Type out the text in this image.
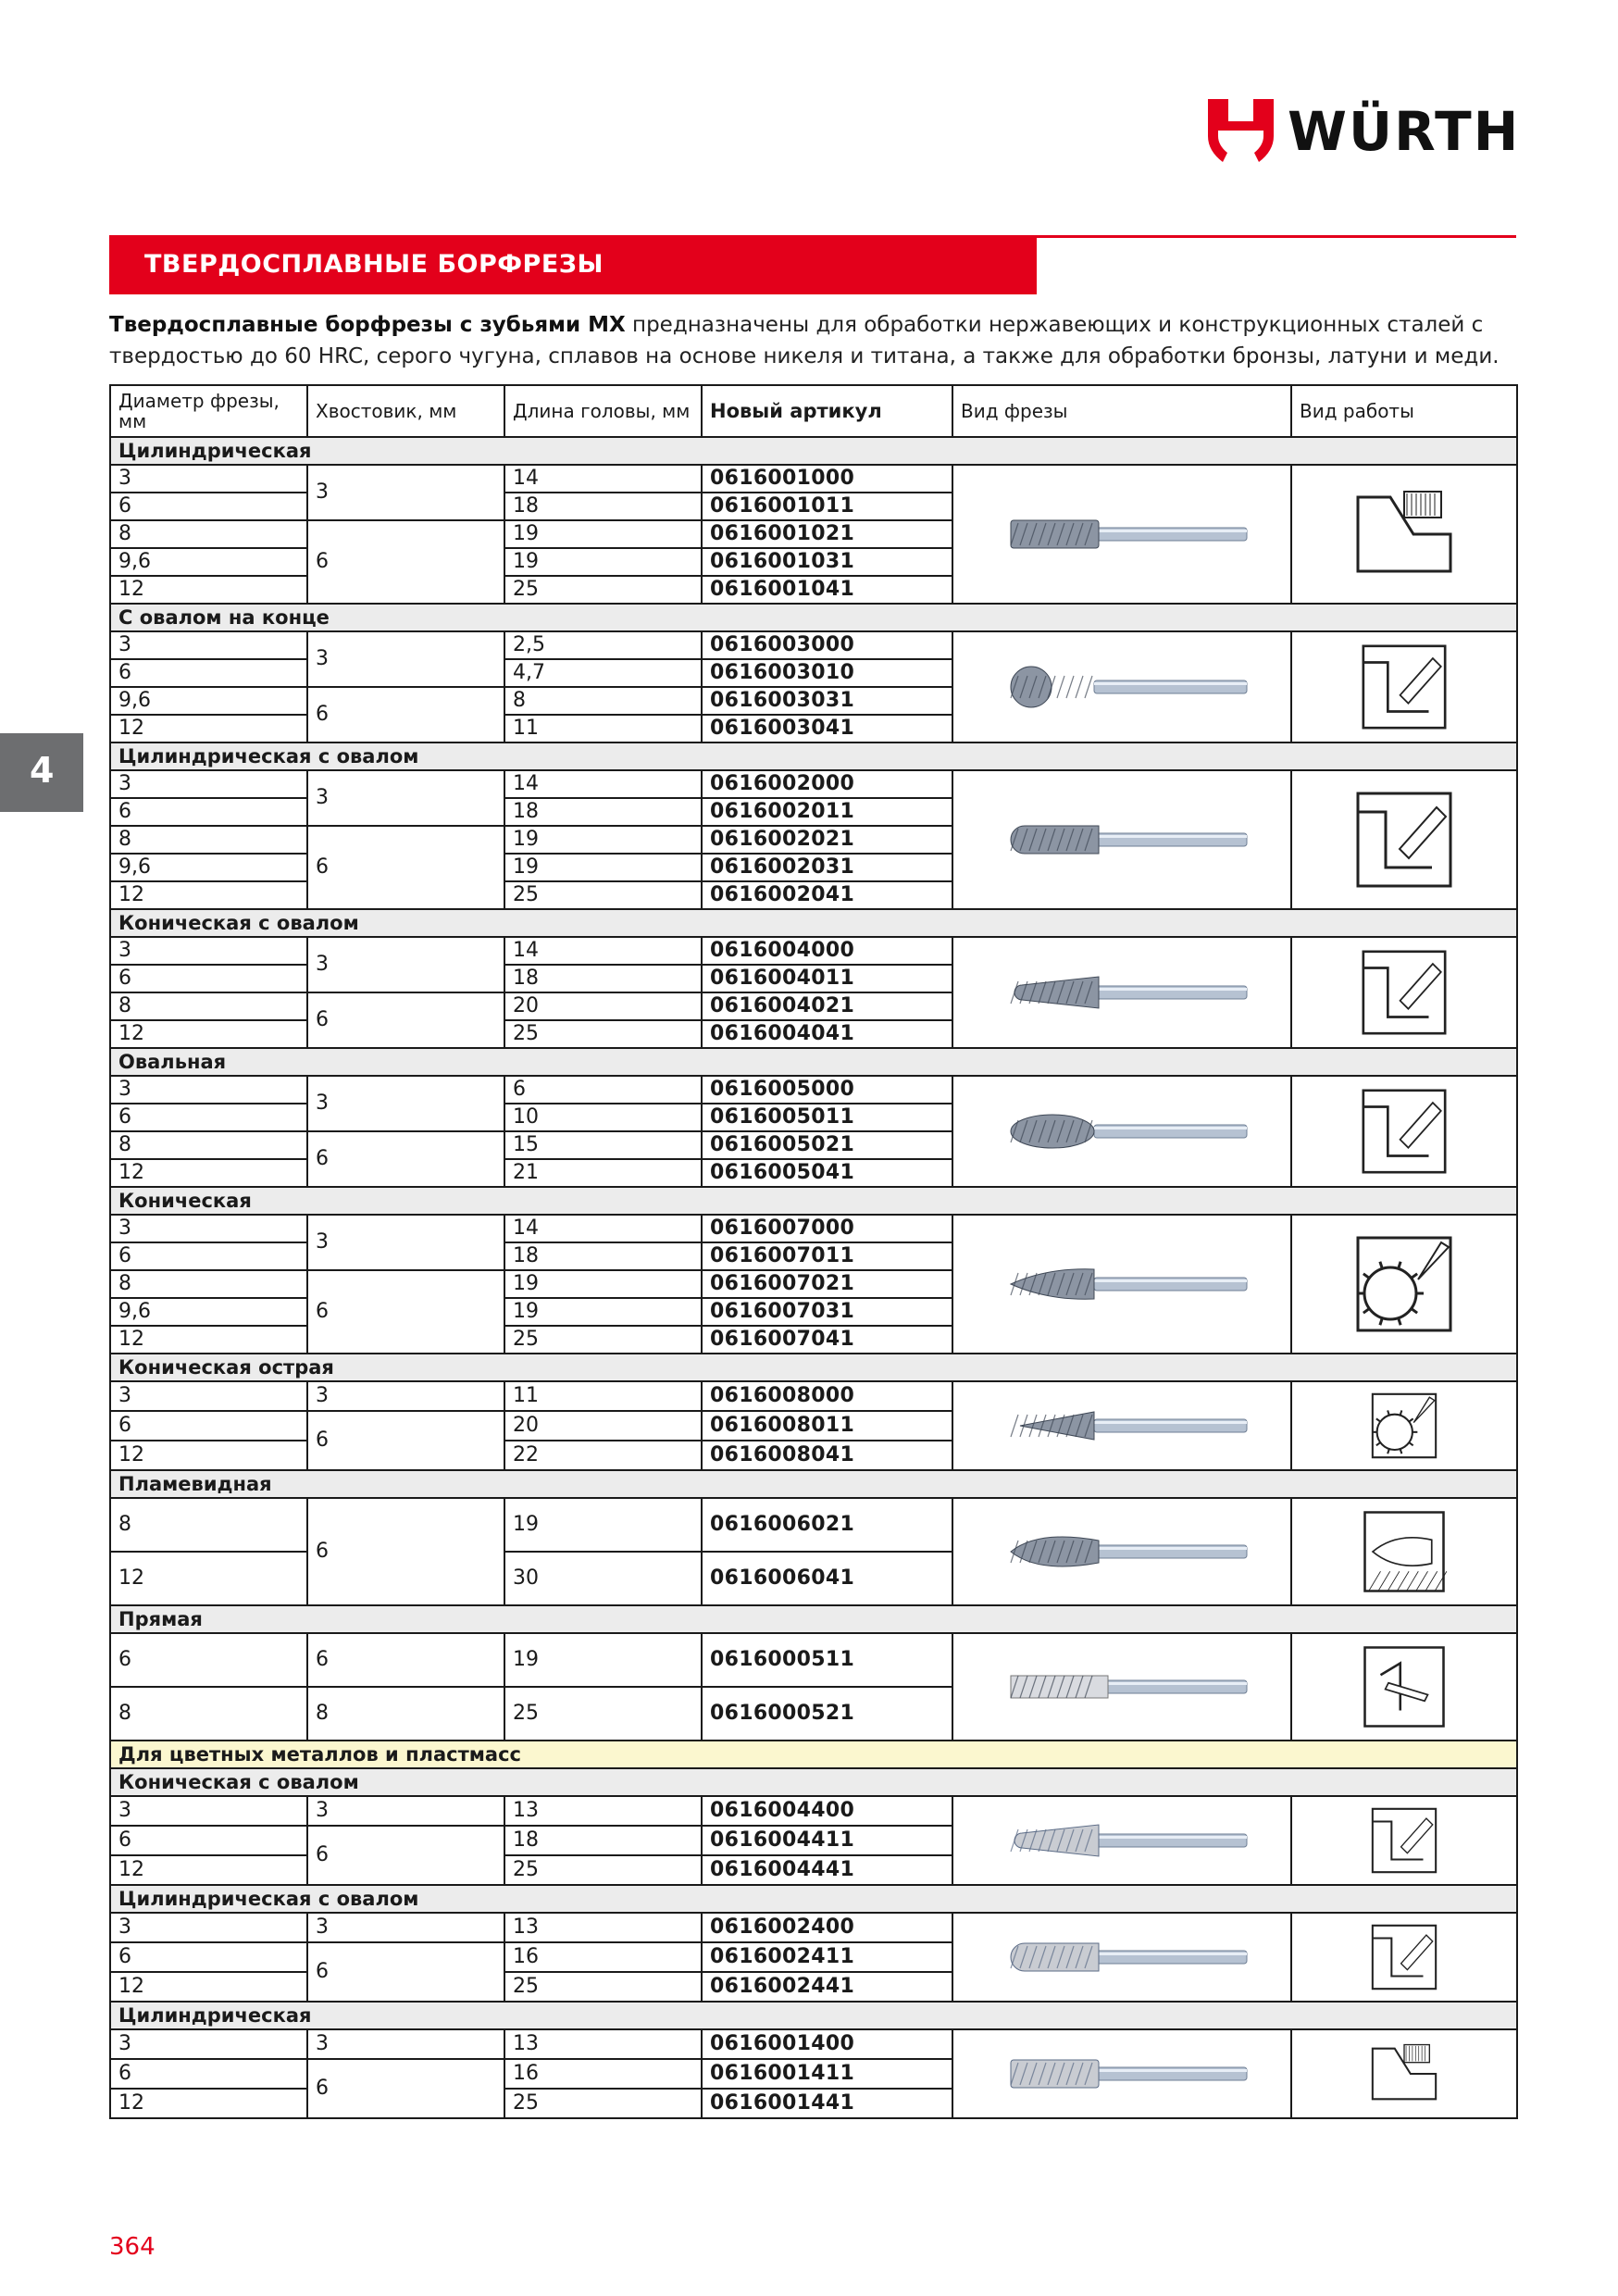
WÜRTH
ТВЕРДОСПЛАВНЫЕ БОРФРЕЗЫ
Твердосплавные борфрезы с зубьями MX предназначены для обработки нержавеющих и конструкционных сталей с твердостью до 60 HRC, серого чугуна, сплавов на основе никеля и титана, а также для обработки бронзы, латуни и меди.
4
Диаметр фрезы, мм	Хвостовик, мм	Длина головы, мм	Новый артикул	Вид фрезы	Вид работы
Цилиндрическая					
3	3	14	0616001000	

6		18	0616001011		
8	6	19	0616001021		
9,6		19	0616001031		
12		25	0616001041		
С овалом на конце					
3	3	2,5	0616003000	

6		4,7	0616003010		
9,6	6	8	0616003031		
12		11	0616003041		
Цилиндрическая с овалом					
3	3	14	0616002000	

6		18	0616002011		
8	6	19	0616002021		
9,6		19	0616002031		
12		25	0616002041		
Коническая с овалом					
3	3	14	0616004000	

6		18	0616004011		
8	6	20	0616004021		
12		25	0616004041		
Овальная					
3	3	6	0616005000	

6		10	0616005011		
8	6	15	0616005021		
12		21	0616005041		
Коническая					
3	3	14	0616007000	

6		18	0616007011		
8	6	19	0616007021		
9,6		19	0616007031		
12		25	0616007041		
Коническая острая					
3	3	11	0616008000	

6	6	20	0616008011		
12		22	0616008041		
Пламевидная					
8	6	19	0616006021	

12		30	0616006041		
Прямая					
6	6	19	0616000511	

8	8	25	0616000521		
Для цветных металлов и пластмасс					
Коническая с овалом					
3	3	13	0616004400	

6	6	18	0616004411		
12		25	0616004441		
Цилиндрическая с овалом					
3	3	13	0616002400	

6	6	16	0616002411		
12		25	0616002441		
Цилиндрическая					
3	3	13	0616001400	

6	6	16	0616001411		
12		25	0616001441		
364
